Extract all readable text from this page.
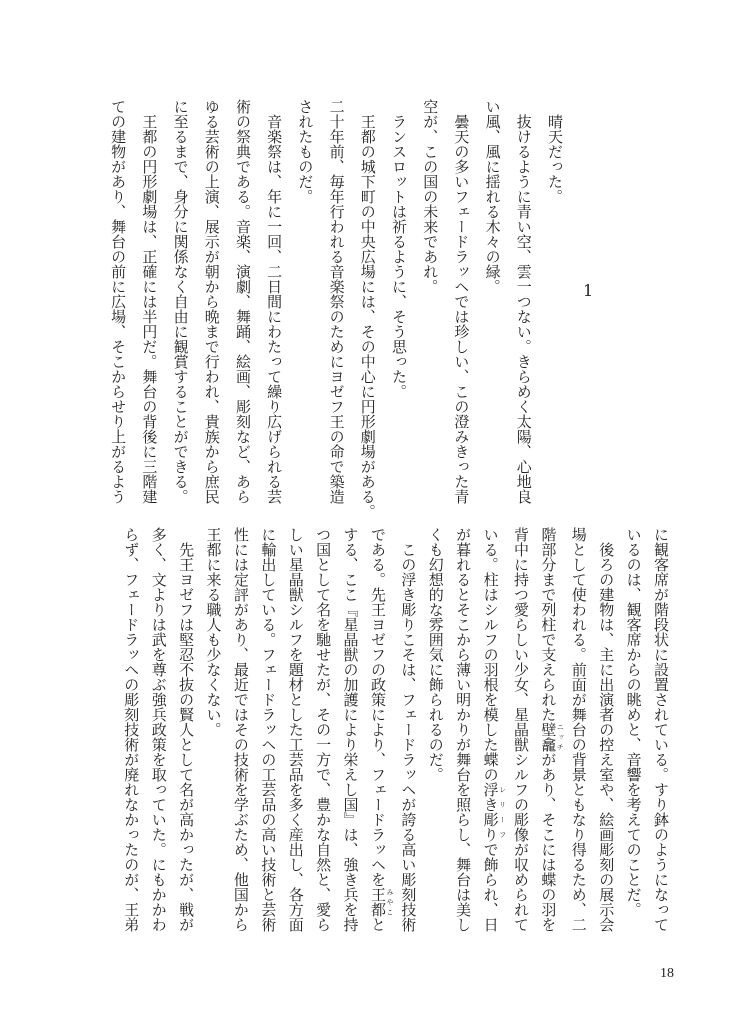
1
晴天だった。
抜けるように青い空、雲一つない。きらめく太陽、心地良
い風、風に揺れる木々の緑。
曇天の多いフェードラッヘでは珍しい、この澄みきった青
空が、この国の未来であれ。
ランスロットは祈るように、そう思った。
王都の城下町の中央広場には、その中心に円形劇場がある。
二十年前、毎年行われる音楽祭のためにヨゼフ王の命で築造
されたものだ。
音楽祭は、年に一回、二日間にわたって繰り広げられる芸
術の祭典である。音楽、演劇、舞踊、絵画、彫刻など、あら
ゆる芸術の上演、展示が朝から晩まで行われ、貴族から庶民
に至るまで、身分に関係なく自由に観賞することができる。
王都の円形劇場は、正確には半円だ。舞台の背後に三階建
ての建物があり、舞台の前に広場、そこからせり上がるよう
に観客席が階段状に設置されている。すり鉢のようになって
いるのは、観客席からの眺めと、音響を考えてのことだ。
後ろの建物は、主に出演者の控え室や、絵画彫刻の展示会
場として使われる。前面が舞台の背景ともなり得るため、二
階部分まで列柱で支えられた壁龕 ニッチがあり、そこには蝶の羽を
背中に持つ愛らしい少女、星晶獣シルフの彫像が収められて
いる。柱はシルフの羽根を模した蝶の浮き彫り レリーフで飾られ、日
が暮れるとそこから薄い明かりが舞台を照らし、舞台は美し
くも幻想的な雰囲気に飾られるのだ。
この浮き彫りこそは、フェードラッヘが誇る高い彫刻技術
である。先王ヨゼフの政策により、フェードラッヘを王都 みやこと
する、ここ『星晶獣の加護により栄えし国』は、強き兵を持
つ国として名を馳せたが、その一方で、豊かな自然と、愛ら
しい星晶獣シルフを題材とした工芸品を多く産出し、各方面
に輸出している。フェードラッヘの工芸品の高い技術と芸術
性には定評があり、最近ではその技術を学ぶため、他国から
王都に来る職人も少なくない。
先王ヨゼフは堅忍不抜の賢人として名が高かったが、戦が
多く、文よりは武を尊ぶ強兵政策を取っていた。にもかかわ
らず、フェードラッヘの彫刻技術が廃れなかったのが、王弟
18
